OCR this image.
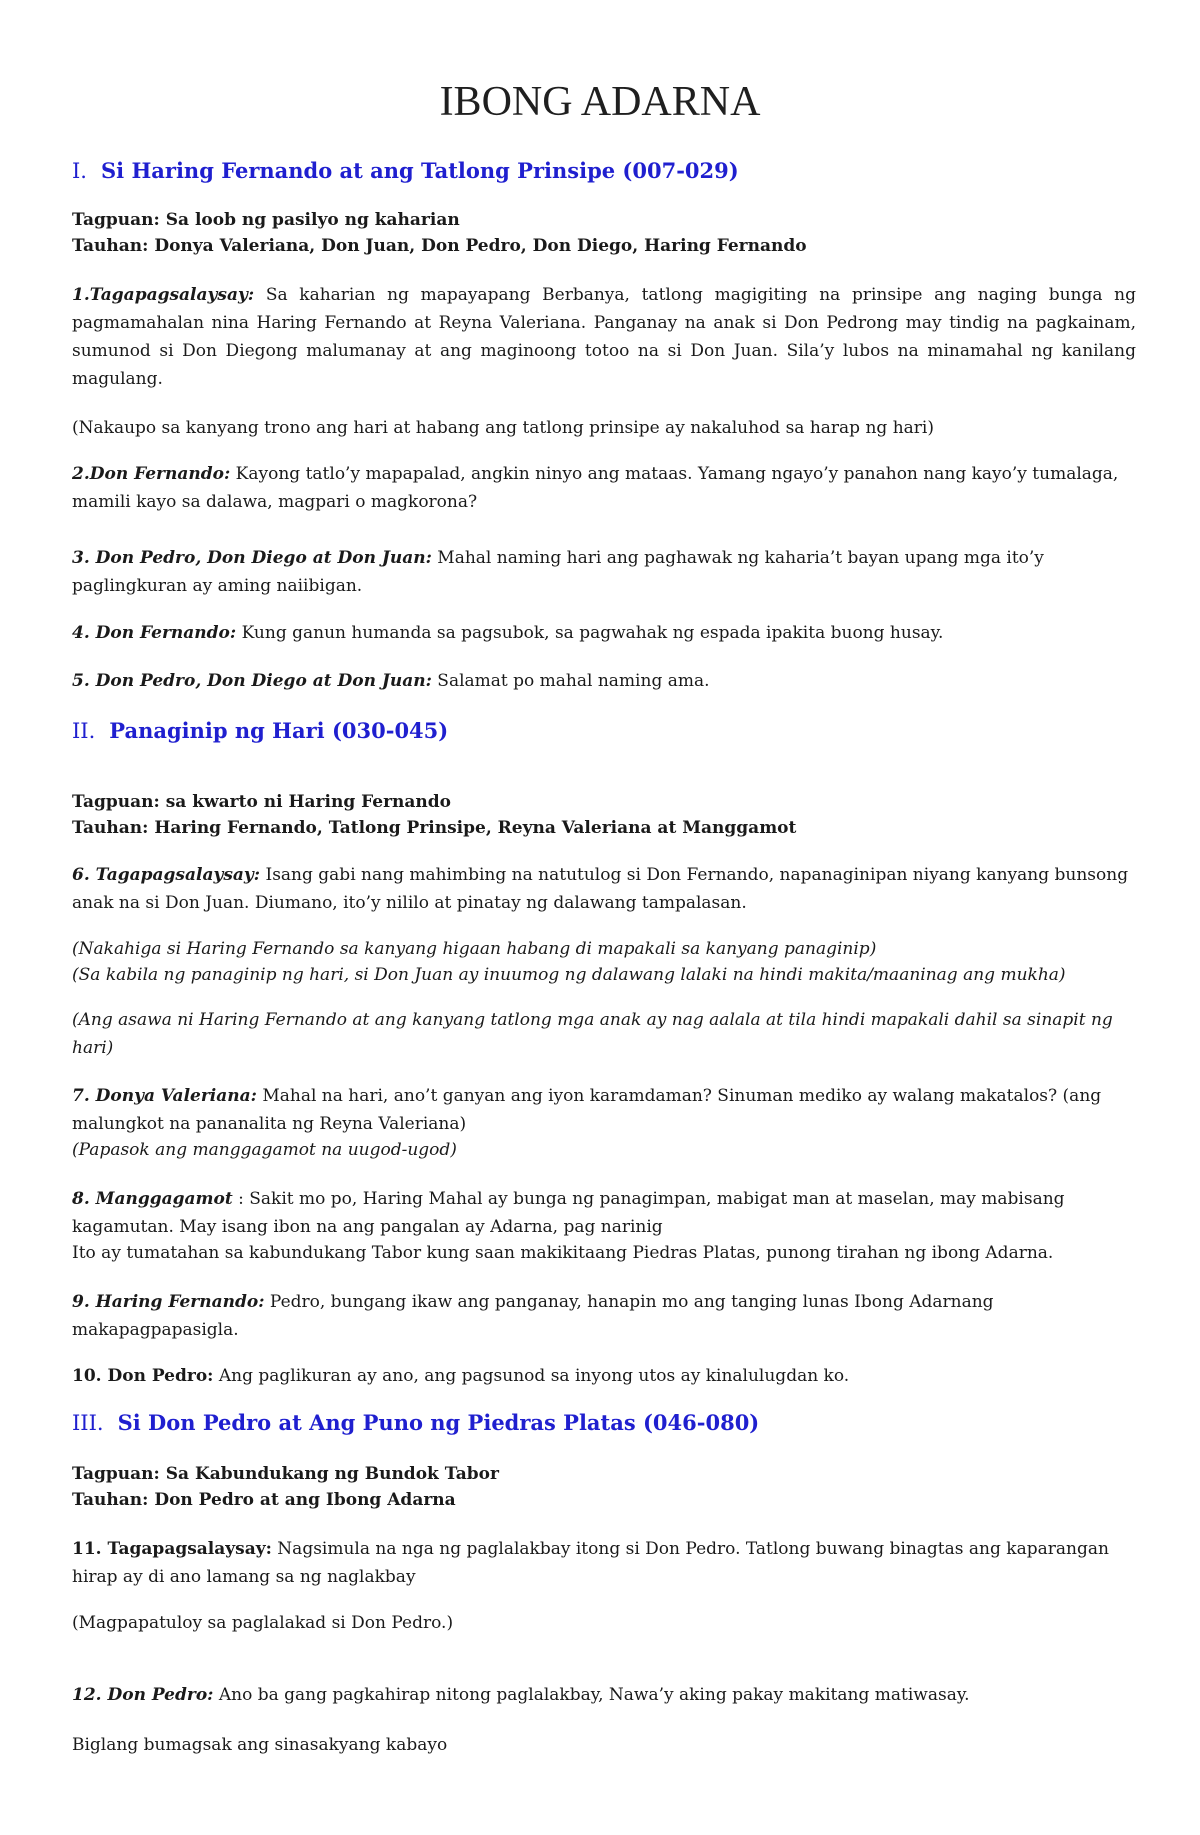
IBONG ADARNA
I. Si Haring Fernando at ang Tatlong Prinsipe (007-029)
Tagpuan: Sa loob ng pasilyo ng kaharian
Tauhan: Donya Valeriana, Don Juan, Don Pedro, Don Diego, Haring Fernando
1.Tagapagsalaysay: Sa kaharian ng mapayapang Berbanya, tatlong magigiting na prinsipe ang naging bunga ng pagmamahalan nina Haring Fernando at Reyna Valeriana. Panganay na anak si Don Pedrong may tindig na pagkainam, sumunod si Don Diegong malumanay at ang maginoong totoo na si Don Juan. Sila’y lubos na minamahal ng kanilang magulang.
(Nakaupo sa kanyang trono ang hari at habang ang tatlong prinsipe ay nakaluhod sa harap ng hari)
2.Don Fernando: Kayong tatlo’y mapapalad, angkin ninyo ang mataas. Yamang ngayo’y panahon nang kayo’y tumalaga, mamili kayo sa dalawa, magpari o magkorona?
3. Don Pedro, Don Diego at Don Juan: Mahal naming hari ang paghawak ng kaharia’t bayan upang mga ito’y paglingkuran ay aming naiibigan.
4. Don Fernando: Kung ganun humanda sa pagsubok, sa pagwahak ng espada ipakita buong husay.
5. Don Pedro, Don Diego at Don Juan: Salamat po mahal naming ama.
II. Panaginip ng Hari (030-045)
Tagpuan: sa kwarto ni Haring Fernando
Tauhan: Haring Fernando, Tatlong Prinsipe, Reyna Valeriana at Manggamot
6. Tagapagsalaysay: Isang gabi nang mahimbing na natutulog si Don Fernando, napanaginipan niyang kanyang bunsong anak na si Don Juan. Diumano, ito’y nililo at pinatay ng dalawang tampalasan.
(Nakahiga si Haring Fernando sa kanyang higaan habang di mapakali sa kanyang panaginip)
(Sa kabila ng panaginip ng hari, si Don Juan ay inuumog ng dalawang lalaki na hindi makita/maaninag ang mukha)
(Ang asawa ni Haring Fernando at ang kanyang tatlong mga anak ay nag aalala at tila hindi mapakali dahil sa sinapit ng hari)
7. Donya Valeriana: Mahal na hari, ano’t ganyan ang iyon karamdaman? Sinuman mediko ay walang makatalos? (ang malungkot na pananalita ng Reyna Valeriana)
(Papasok ang manggagamot na uugod-ugod)
8. Manggagamot : Sakit mo po, Haring Mahal ay bunga ng panagimpan, mabigat man at maselan, may mabisang kagamutan. May isang ibon na ang pangalan ay Adarna, pag narinig
Ito ay tumatahan sa kabundukang Tabor kung saan makikitaang Piedras Platas, punong tirahan ng ibong Adarna.
9. Haring Fernando: Pedro, bungang ikaw ang panganay, hanapin mo ang tanging lunas Ibong Adarnang makapagpapasigla.
10. Don Pedro: Ang paglikuran ay ano, ang pagsunod sa inyong utos ay kinalulugdan ko.
III. Si Don Pedro at Ang Puno ng Piedras Platas (046-080)
Tagpuan: Sa Kabundukang ng Bundok Tabor
Tauhan: Don Pedro at ang Ibong Adarna
11. Tagapagsalaysay: Nagsimula na nga ng paglalakbay itong si Don Pedro. Tatlong buwang binagtas ang kaparangan hirap ay di ano lamang sa ng naglakbay
(Magpapatuloy sa paglalakad si Don Pedro.)
12. Don Pedro: Ano ba gang pagkahirap nitong paglalakbay, Nawa’y aking pakay makitang matiwasay.
Biglang bumagsak ang sinasakyang kabayo
